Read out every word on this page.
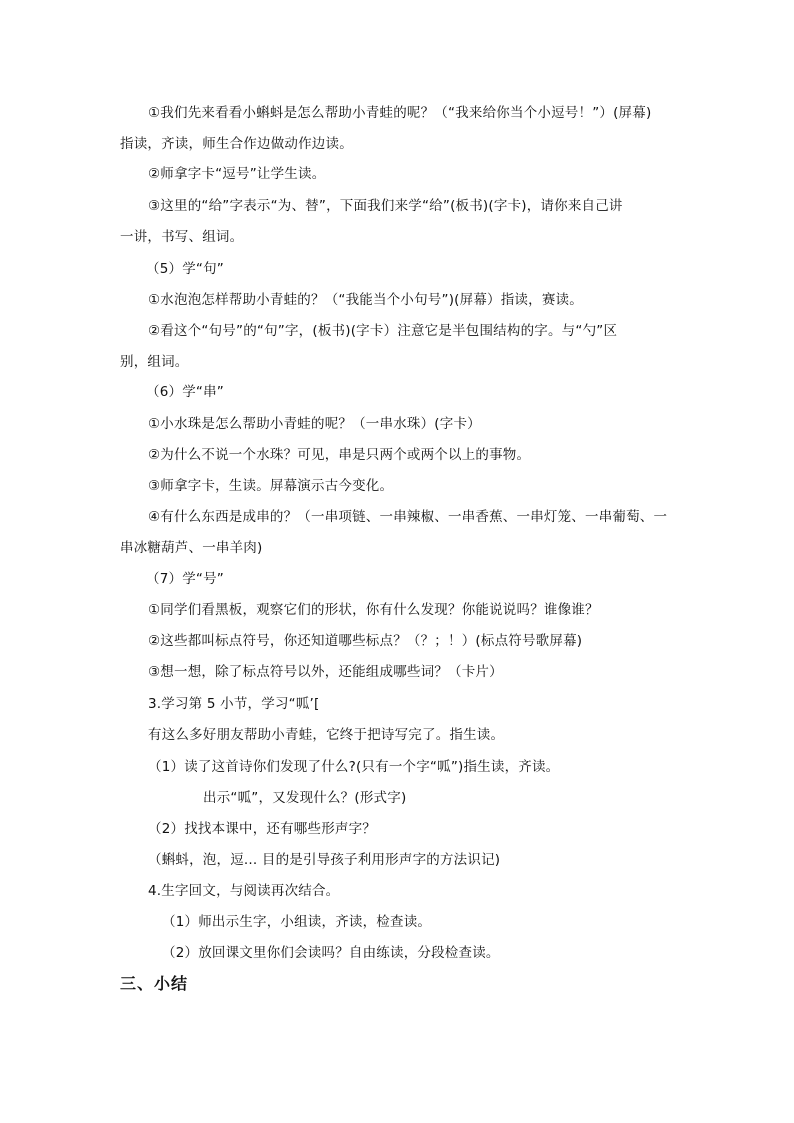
①我们先来看看小蝌蚪是怎么帮助小青蛙的呢？（“我来给你当个小逗号！”）(屏幕)
指读，齐读，师生合作边做动作边读。
②师拿字卡“逗号”让学生读。
③这里的“给”字表示“为、替”，下面我们来学“给”(板书)(字卡)，请你来自己讲
一讲，书写、组词。
（5）学“句”
①水泡泡怎样帮助小青蛙的？（“我能当个小句号”)(屏幕）指读，赛读。
②看这个“句号”的“句”字，(板书)(字卡）注意它是半包围结构的字。与“勺”区
别，组词。
（6）学“串”
①小水珠是怎么帮助小青蛙的呢？（一串水珠）(字卡）
②为什么不说一个水珠？可见，串是只两个或两个以上的事物。
③师拿字卡，生读。屏幕演示古今变化。
④有什么东西是成串的？（一串项链、一串辣椒、一串香蕉、一串灯笼、一串葡萄、一
串冰糖葫芦、一串羊肉)
（7）学“号”
①同学们看黑板，观察它们的形状，你有什么发现？你能说说吗？谁像谁？
②这些都叫标点符号，你还知道哪些标点？（？；！）(标点符号歌屏幕)
③想一想，除了标点符号以外，还能组成哪些词？（卡片）
3.学习第 5 小节，学习“呱’[
有这么多好朋友帮助小青蛙，它终于把诗写完了。指生读。
（1）读了这首诗你们发现了什么?(只有一个字“呱”)指生读，齐读。
出示“呱”，又发现什么？(形式字)
（2）找找本课中，还有哪些形声字？
（蝌蚪，泡，逗... 目的是引导孩子利用形声字的方法识记)
4.生字回文，与阅读再次结合。
（1）师出示生字，小组读，齐读，检查读。
（2）放回课文里你们会读吗？自由练读，分段检查读。
三、小结
